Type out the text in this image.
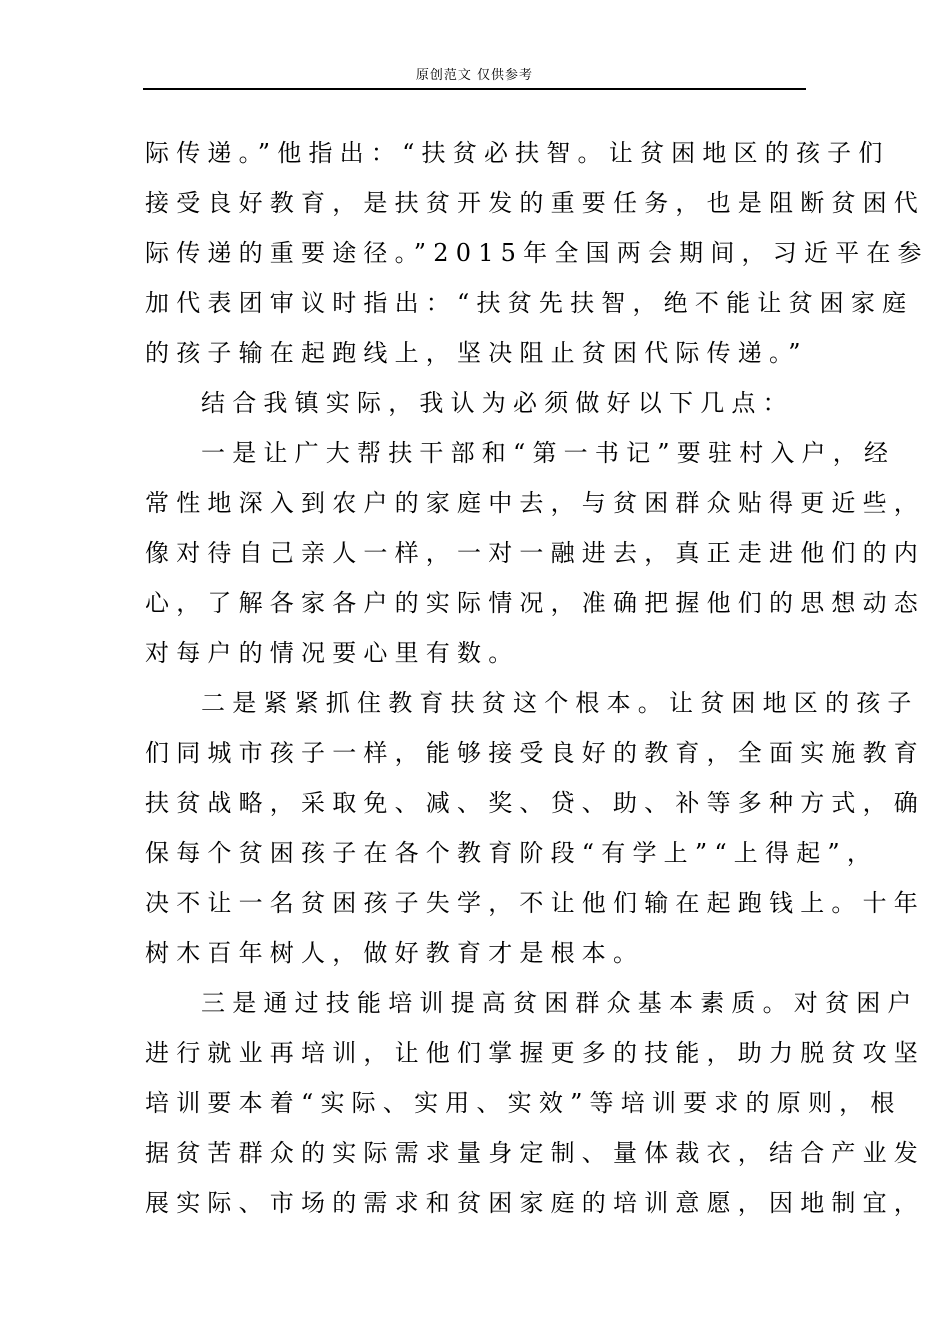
原创范文 仅供参考
际传递。”他指出：“扶贫必扶智。让贫困地区的孩子们
接受良好教育，是扶贫开发的重要任务，也是阻断贫困代
际传递的重要途径。”2015年全国两会期间，习近平在参
加代表团审议时指出：“扶贫先扶智，绝不能让贫困家庭
的孩子输在起跑线上，坚决阻止贫困代际传递。”
结合我镇实际，我认为必须做好以下几点：
一是让广大帮扶干部和“第一书记”要驻村入户，经
常性地深入到农户的家庭中去，与贫困群众贴得更近些，
像对待自己亲人一样，一对一融进去，真正走进他们的内
心，了解各家各户的实际情况，准确把握他们的思想动态
对每户的情况要心里有数。
二是紧紧抓住教育扶贫这个根本。让贫困地区的孩子
们同城市孩子一样，能够接受良好的教育，全面实施教育
扶贫战略，采取免、减、奖、贷、助、补等多种方式，确
保每个贫困孩子在各个教育阶段“有学上”“上得起”，
决不让一名贫困孩子失学，不让他们输在起跑钱上。十年
树木百年树人，做好教育才是根本。
三是通过技能培训提高贫困群众基本素质。对贫困户
进行就业再培训，让他们掌握更多的技能，助力脱贫攻坚
培训要本着“实际、实用、实效”等培训要求的原则，根
据贫苦群众的实际需求量身定制、量体裁衣，结合产业发
展实际、市场的需求和贫困家庭的培训意愿，因地制宜，
